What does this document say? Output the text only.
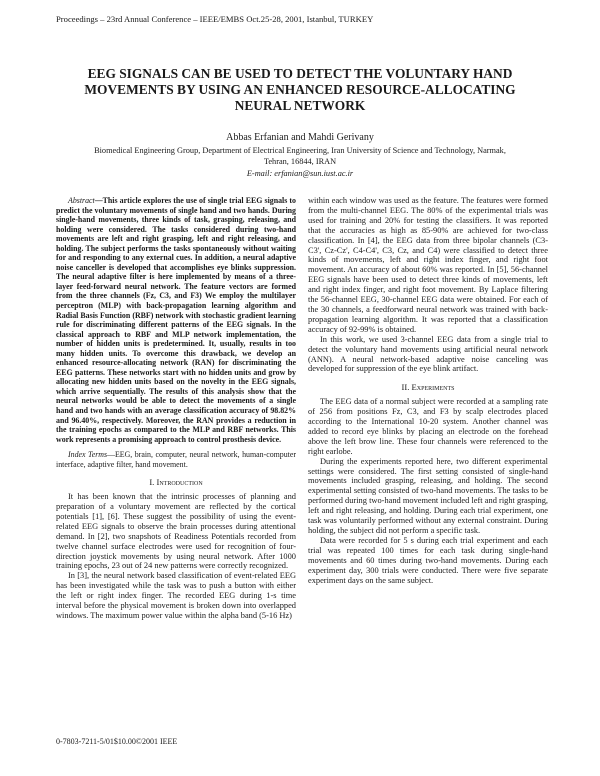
Proceedings – 23rd Annual Conference – IEEE/EMBS Oct.25-28, 2001, Istanbul, TURKEY
EEG SIGNALS CAN BE USED TO DETECT THE VOLUNTARY HAND
MOVEMENTS BY USING AN ENHANCED RESOURCE-ALLOCATING
NEURAL NETWORK
Abbas Erfanian and Mahdi Gerivany
Biomedical Engineering Group, Department of Electrical Engineering, Iran University of Science and Technology, Narmak,
Tehran, 16844, IRAN
E-mail: erfanian@sun.iust.ac.ir

Abstract—This article explores the use of single trial EEG signals to predict the voluntary movements of single hand and two hands. During single-hand movements, three kinds of task, grasping, releasing, and holding were considered. The tasks considered during two-hand movements are left and right grasping, left and right releasing, and holding. The subject performs the tasks spontaneously without waiting for and responding to any external cues. In addition, a neural adaptive noise canceller is developed that accomplishes eye blinks suppression. The neural adaptive filter is here implemented by means of a three-layer feed-forward neural network. The feature vectors are formed from the three channels (Fz, C3, and F3) We employ the multilayer perceptron (MLP) with back-propagation learning algorithm and Radial Basis Function (RBF) network with stochastic gradient learning rule for discriminating different patterns of the EEG signals. In the classical approach to RBF and MLP network implementation, the number of hidden units is predetermined. It, usually, results in too many hidden units. To overcome this drawback, we develop an enhanced resource-allocating network (RAN) for discriminating the EEG patterns. These networks start with no hidden units and grow by allocating new hidden units based on the novelty in the EEG signals, which arrive sequentially. The results of this analysis show that the neural networks would be able to detect the movements of a single hand and two hands with an average classification accuracy of 98.82% and 96.40%, respectively. Moreover, the RAN provides a reduction in the training epochs as compared to the MLP and RBF networks. This work represents a promising approach to control prosthesis device.

Index Terms—EEG, brain, computer, neural network, human-computer interface, adaptive filter, hand movement.

I. Introduction

It has been known that the intrinsic processes of planning and preparation of a voluntary movement are reflected by the cortical potentials [1], [6]. These suggest the possibility of using the event-related EEG signals to observe the brain processes during attentional demand. In [2], two snapshots of Readiness Potentials recorded from twelve channel surface electrodes were used for recognition of four-direction joystick movements by using neural network. After 1000 training epochs, 23 out of 24 new patterns were correctly recognized.

In [3], the neural network based classification of event-related EEG has been investigated while the task was to push a button with either the left or right index finger. The recorded EEG during 1-s time interval before the physical movement is broken down into overlapped windows. The maximum power value within the alpha band (5-16 Hz)

within each window was used as the feature. The features were formed from the multi-channel EEG. The 80% of the experimental trials was used for training and 20% for testing the classifiers. It was reported that the accuracies as high as 85-90% are achieved for two-class classification. In [4], the EEG data from three bipolar channels (C3-C3', Cz-Cz', C4-C4', C3, Cz, and C4) were classified to detect three kinds of movements, left and right index finger, and right foot movement. An accuracy of about 60% was reported. In [5], 56-channel EEG signals have been used to detect three kinds of movements, left and right index finger, and right foot movement. By Laplace filtering the 56-channel EEG, 30-channel EEG data were obtained. For each of the 30 channels, a feedforward neural network was trained with back-propagation learning algorithm. It was reported that a classification accuracy of 92-99% is obtained.

In this work, we used 3-channel EEG data from a single trial to detect the voluntary hand movements using artificial neural network (ANN). A neural network-based adaptive noise canceling was developed for suppression of the eye blink artifact.

II. Experiments

The EEG data of a normal subject were recorded at a sampling rate of 256 from positions Fz, C3, and F3 by scalp electrodes placed according to the International 10-20 system. Another channel was added to record eye blinks by placing an electrode on the forehead above the left brow line. These four channels were referenced to the right earlobe.

During the experiments reported here, two different experimental settings were considered. The first setting consisted of single-hand movements included grasping, releasing, and holding. The second experimental setting consisted of two-hand movements. The tasks to be performed during two-hand movement included left and right grasping, left and right releasing, and holding. During each trial experiment, one task was voluntarily performed without any external constraint. During holding, the subject did not perform a specific task.

Data were recorded for 5 s during each trial experiment and each trial was repeated 100 times for each task during single-hand movements and 60 times during two-hand movements. During each experiment day, 300 trials were conducted. There were five separate experiment days on the same subject.

0-7803-7211-5/01$10.00©2001 IEEE
